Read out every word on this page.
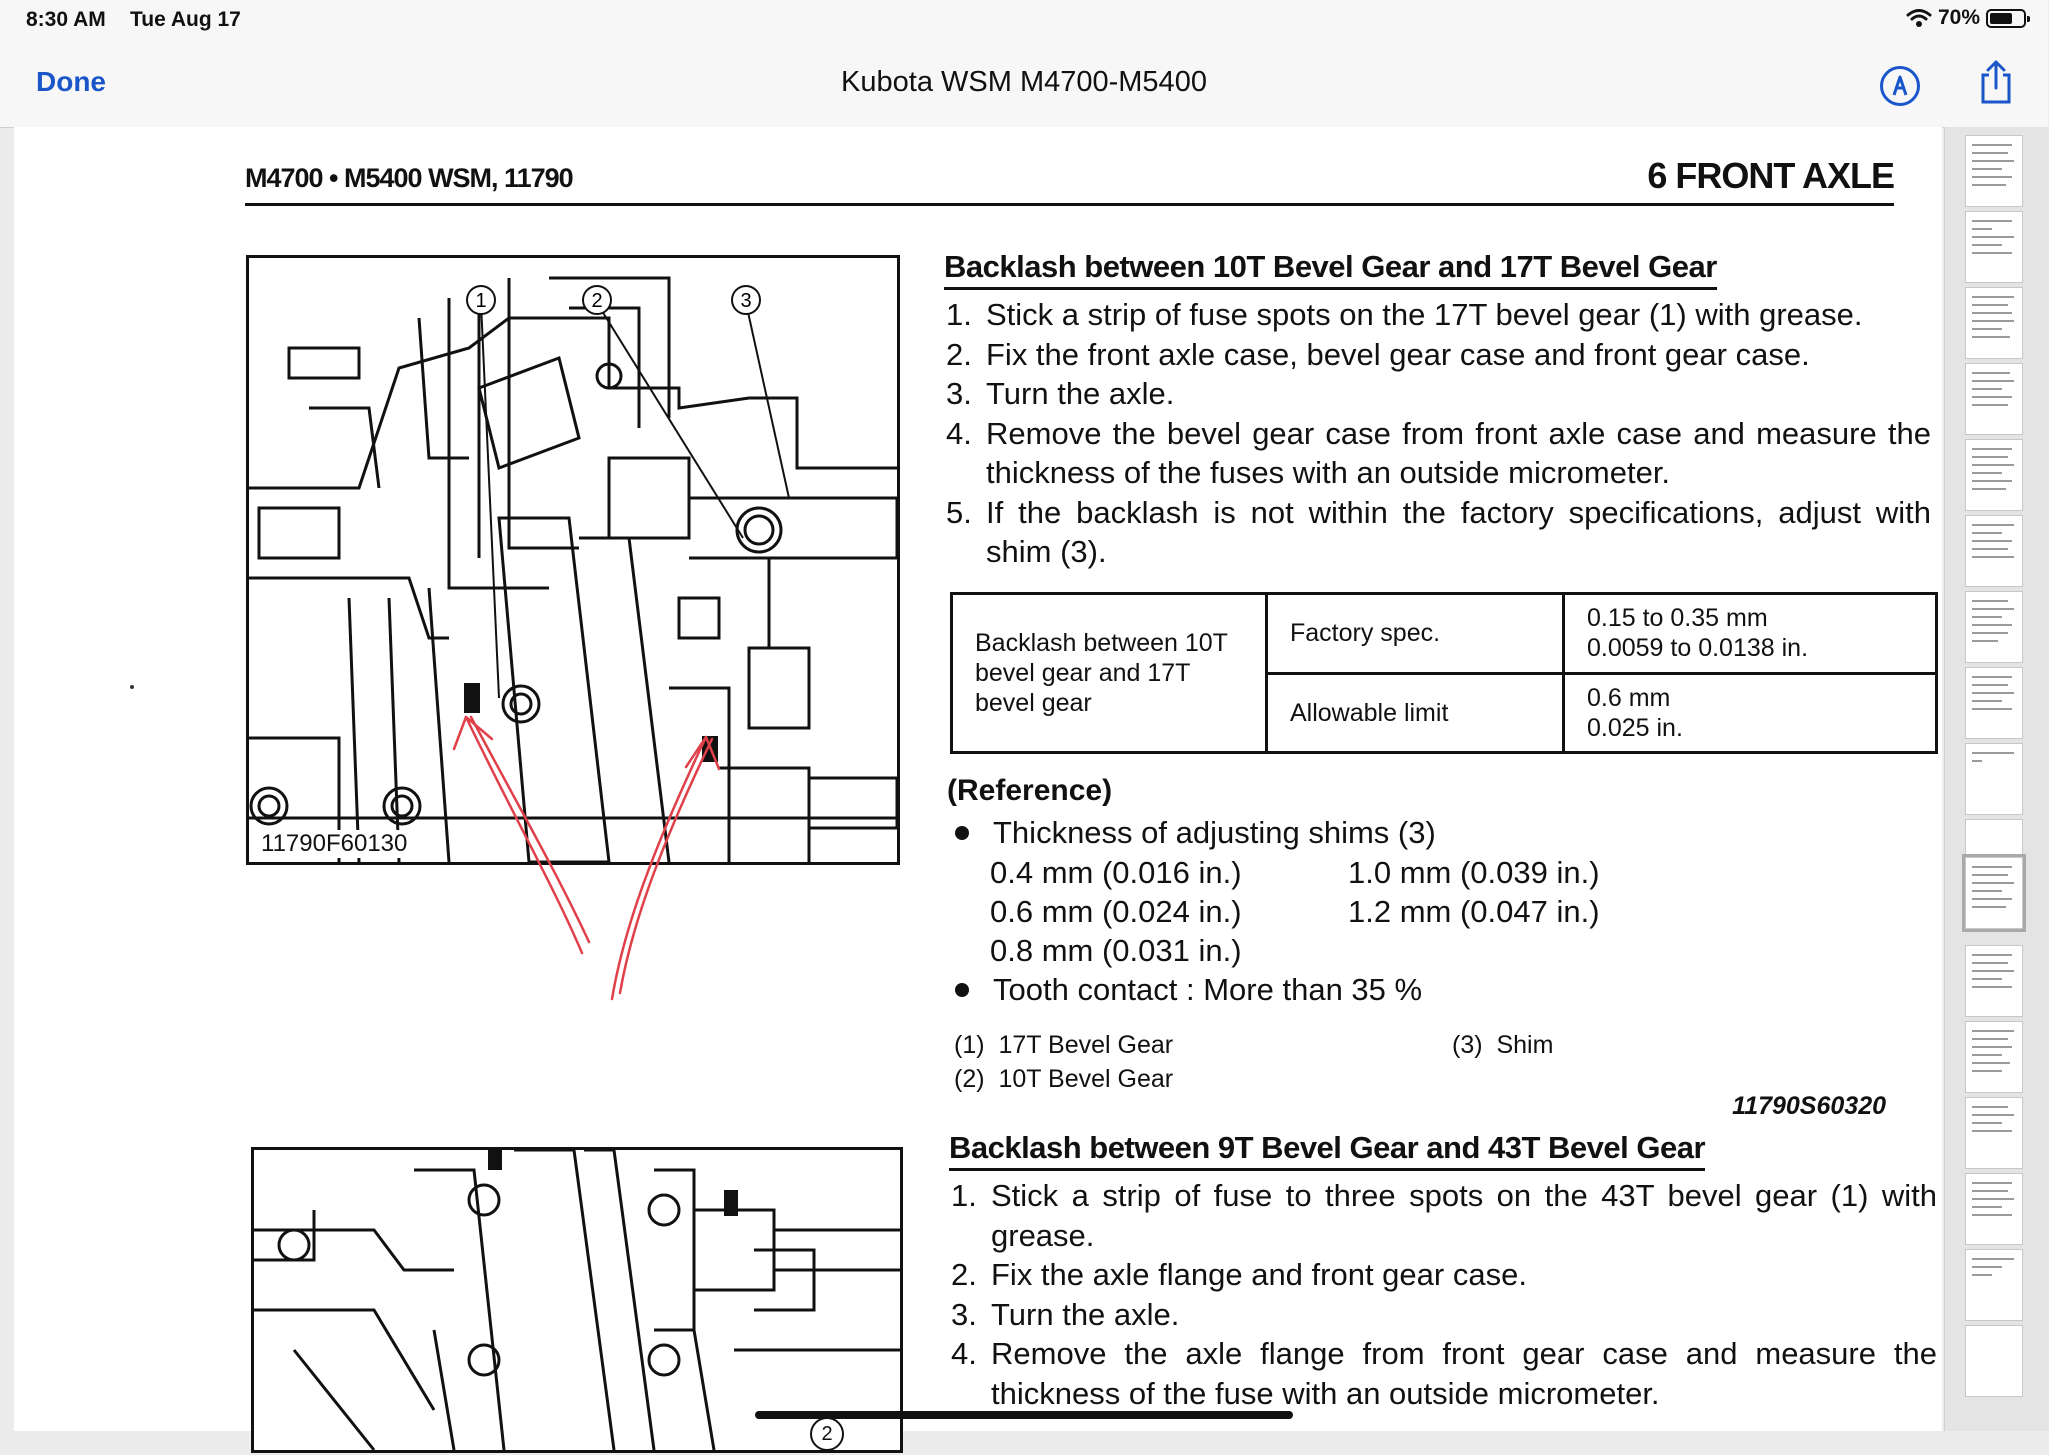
8:30 AM Tue Aug 17	70%
Done	Kubota WSM M4700-M5400
M4700 • M5400 WSM, 11790	6 FRONT AXLE
1	2	3
11790F60130
Backlash between 10T Bevel Gear and 17T Bevel Gear
1. Stick a strip of fuse spots on the 17T bevel gear (1) with grease.
2. Fix the front axle case, bevel gear case and front gear case.
3. Turn the axle.
4. Remove the bevel gear case from front axle case and measure the thickness of the fuses with an outside micrometer.
5. If the backlash is not within the factory specifications, adjust with shim (3).
Backlash between 10T bevel gear and 17T bevel gear	Factory spec.	0.15 to 0.35 mm
0.0059 to 0.0138 in.
	Allowable limit	0.6 mm
0.025 in.
(Reference)
Thickness of adjusting shims (3)
0.4 mm (0.016 in.)
0.6 mm (0.024 in.)
0.8 mm (0.031 in.)
1.0 mm (0.039 in.)
1.2 mm (0.047 in.)
Tooth contact : More than 35 %
(1) 17T Bevel Gear
(2) 10T Bevel Gear
(3) Shim
11790S60320
2
Backlash between 9T Bevel Gear and 43T Bevel Gear
1. Stick a strip of fuse to three spots on the 43T bevel gear (1) with grease.
2. Fix the axle flange and front gear case.
3. Turn the axle.
4. Remove the axle flange from front gear case and measure the thickness of the fuse with an outside micrometer.
